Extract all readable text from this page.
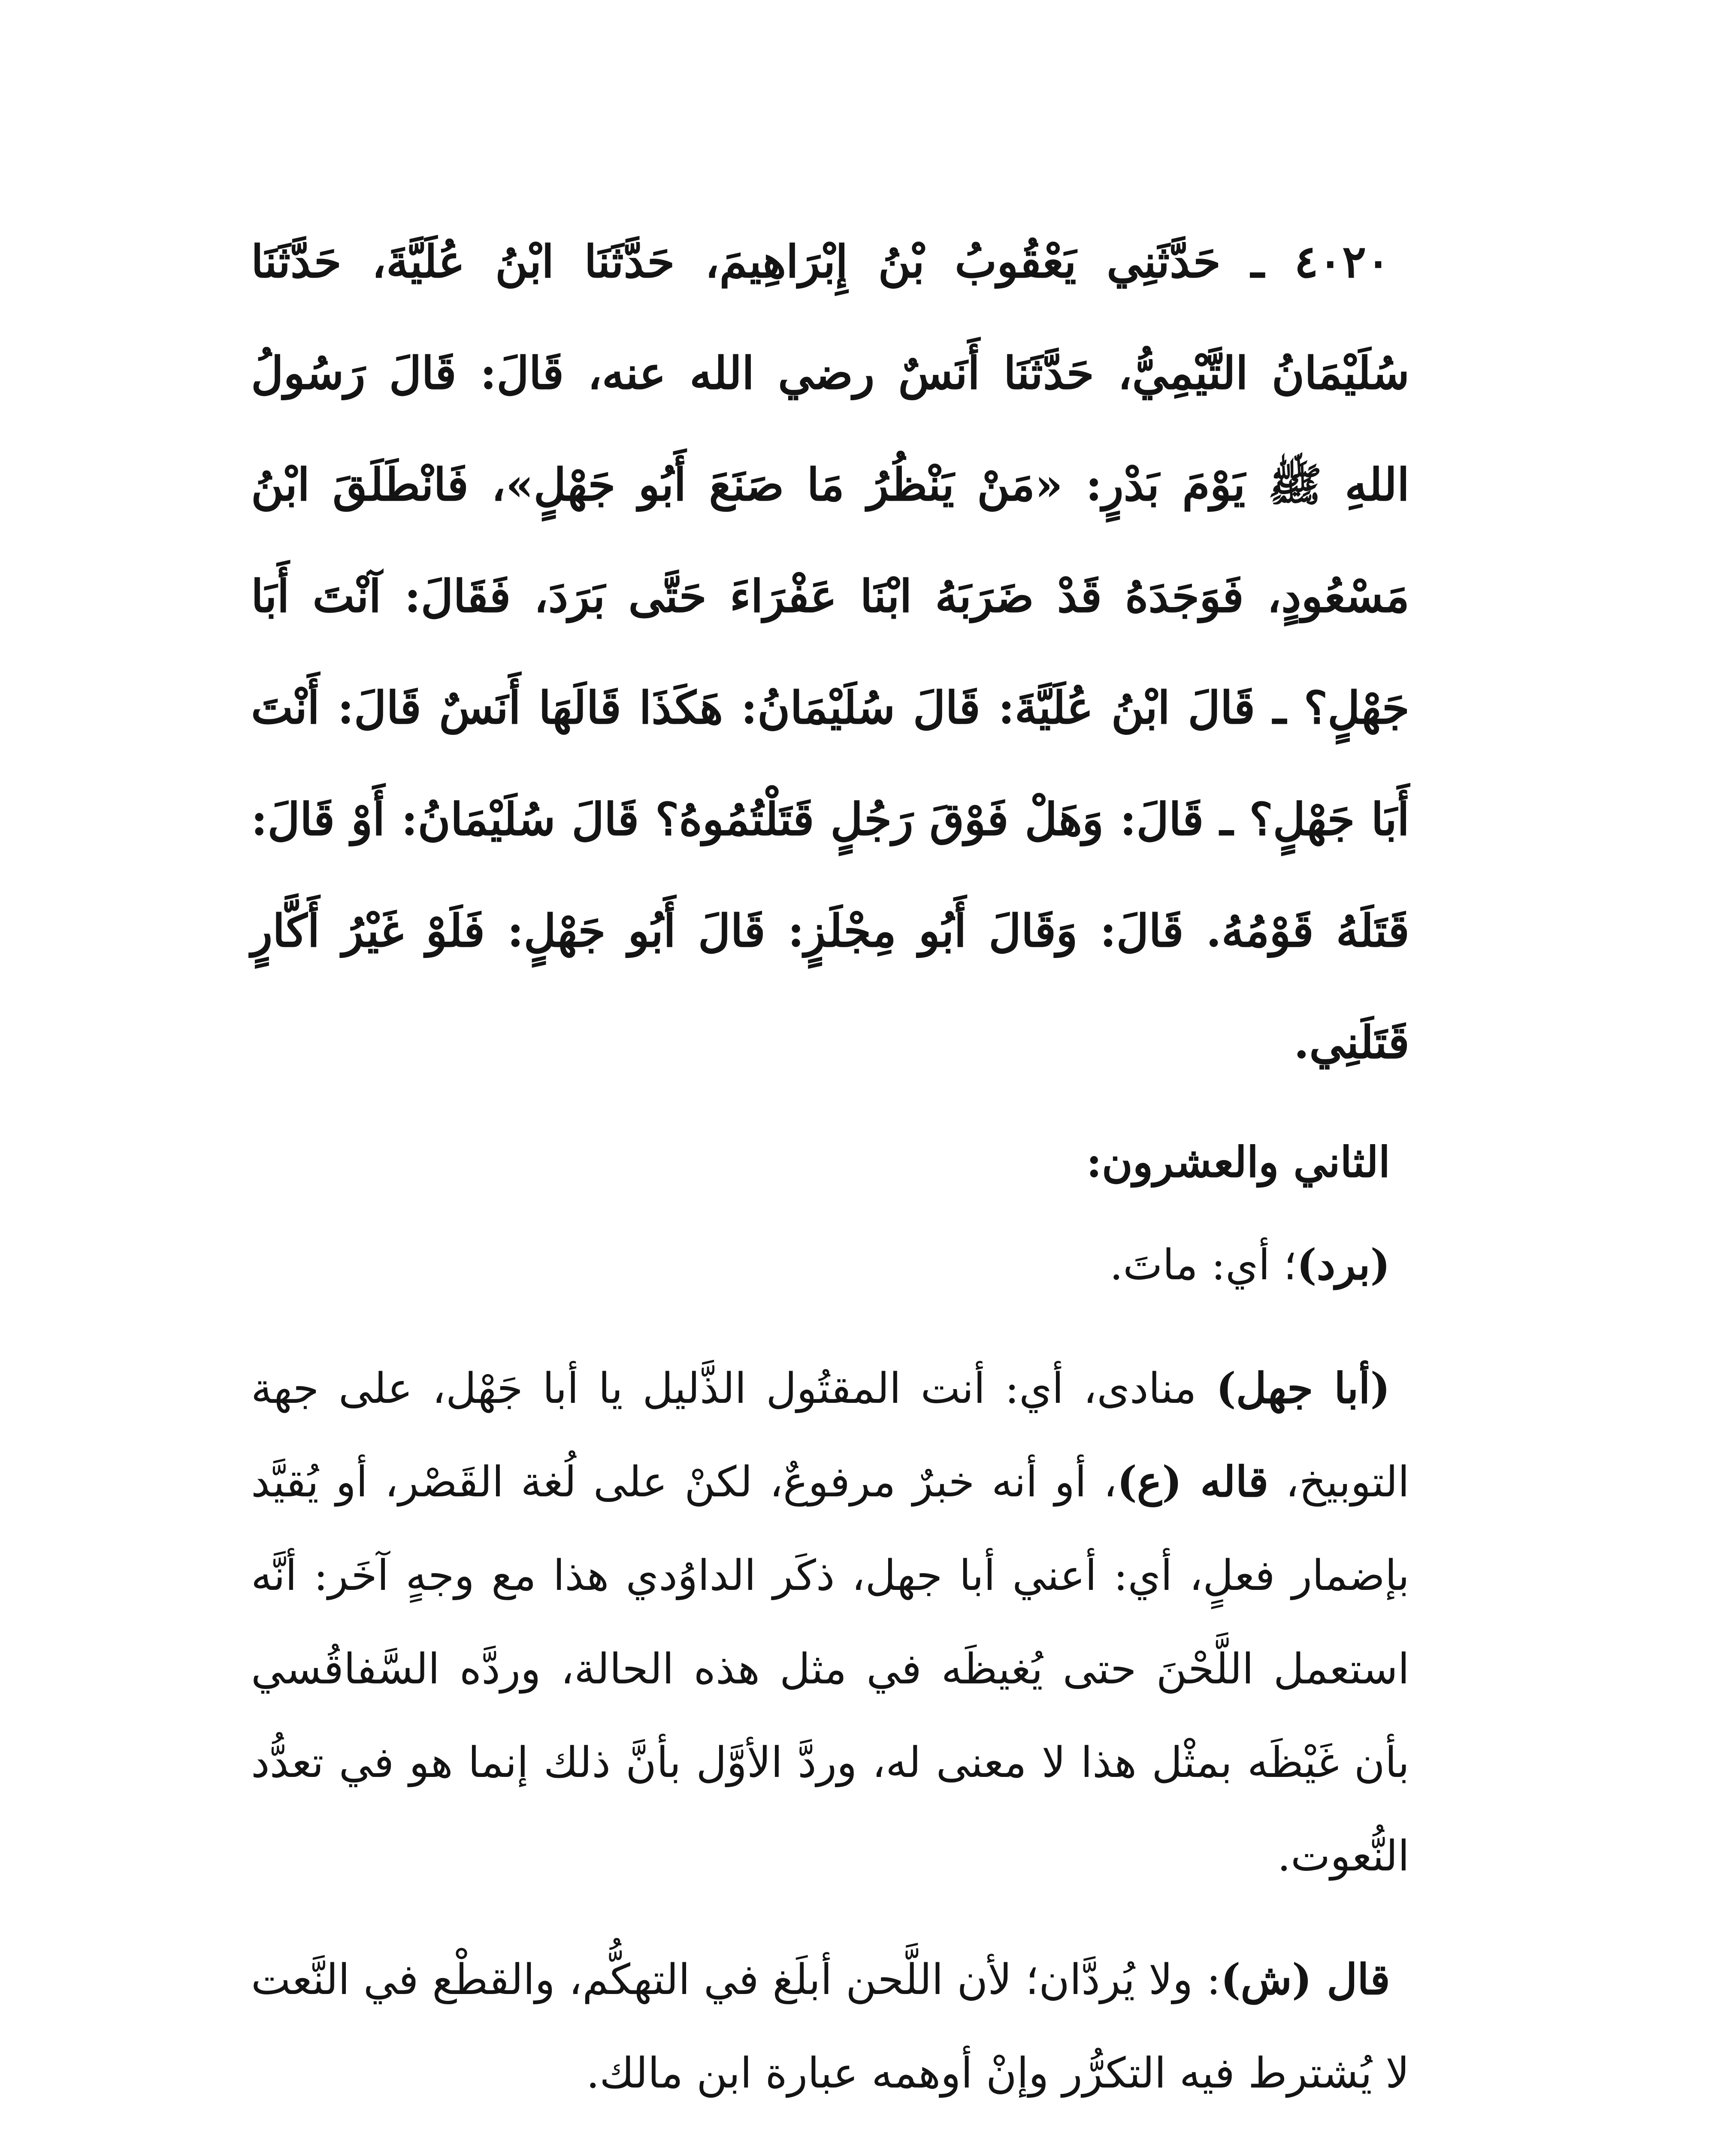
٤٠٢٠ ـ حَدَّثَنِي يَعْقُوبُ بْنُ إِبْرَاهِيمَ، حَدَّثَنَا ابْنُ عُلَيَّةَ، حَدَّثَنَا سُلَيْمَانُ التَّيْمِيُّ، حَدَّثَنَا أَنَسٌ رضي الله عنه، قَالَ: قَالَ رَسُولُ اللهِ ﷺ يَوْمَ بَدْرٍ: «مَنْ يَنْظُرُ مَا صَنَعَ أَبُو جَهْلٍ»، فَانْطَلَقَ ابْنُ مَسْعُودٍ، فَوَجَدَهُ قَدْ ضَرَبَهُ ابْنَا عَفْرَاءَ حَتَّى بَرَدَ، فَقَالَ: آنْتَ أَبَا جَهْلٍ؟ ـ قَالَ ابْنُ عُلَيَّةَ: قَالَ سُلَيْمَانُ: هَكَذَا قَالَهَا أَنَسٌ قَالَ: أَنْتَ أَبَا جَهْلٍ؟ ـ قَالَ: وَهَلْ فَوْقَ رَجُلٍ قَتَلْتُمُوهُ؟ قَالَ سُلَيْمَانُ: أَوْ قَالَ: قَتَلَهُ قَوْمُهُ. قَالَ: وَقَالَ أَبُو مِجْلَزٍ: قَالَ أَبُو جَهْلٍ: فَلَوْ غَيْرُ أَكَّارٍ قَتَلَنِي.

الثاني والعشرون:

(برد)؛ أي: ماتَ.

(أبا جهل) منادى، أي: أنت المقتُول الذَّليل يا أبا جَهْل، على جهة التوبيخ، قاله (ع)، أو أنه خبرٌ مرفوعٌ، لكنْ على لُغة القَصْر، أو يُقيَّد بإضمار فعلٍ، أي: أعني أبا جهل، ذكَر الداوُدي هذا مع وجهٍ آخَر: أنَّه استعمل اللَّحْنَ حتى يُغيظَه في مثل هذه الحالة، وردَّه السَّفاقُسي بأن غَيْظَه بمثْل هذا لا معنى له، وردَّ الأوَّل بأنَّ ذلك إنما هو في تعدُّد النُّعوت.

قال (ش): ولا يُردَّان؛ لأن اللَّحن أبلَغ في التهكُّم، والقطْع في النَّعت لا يُشترط فيه التكرُّر وإنْ أوهمه عبارة ابن مالك.
